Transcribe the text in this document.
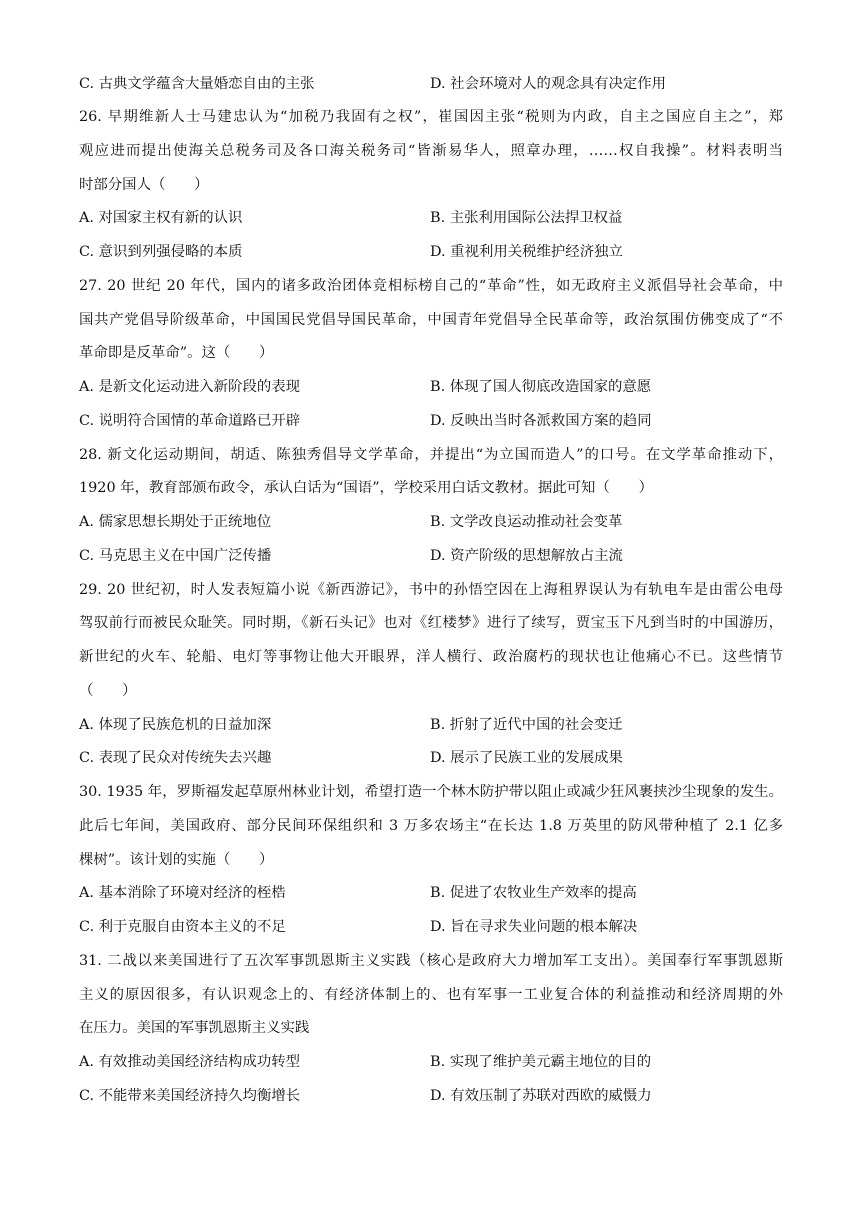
C. 古典文学蕴含大量婚恋自由的主张	D. 社会环境对人的观念具有决定作用
26. 早期维新人士马建忠认为“加税乃我固有之权”，崔国因主张“税则为内政，自主之国应自主之”，郑
观应进而提出使海关总税务司及各口海关税务司“皆渐易华人，照章办理，……权自我操”。材料表明当
时部分国人（　　）
A. 对国家主权有新的认识	B. 主张利用国际公法捍卫权益
C. 意识到列强侵略的本质	D. 重视利用关税维护经济独立
27. 20 世纪 20 年代，国内的诸多政治团体竞相标榜自己的“革命”性，如无政府主义派倡导社会革命，中
国共产党倡导阶级革命，中国国民党倡导国民革命，中国青年党倡导全民革命等，政治氛围仿佛变成了“不
革命即是反革命”。这（　　）
A. 是新文化运动进入新阶段的表现	B. 体现了国人彻底改造国家的意愿
C. 说明符合国情的革命道路已开辟	D. 反映出当时各派救国方案的趋同
28. 新文化运动期间，胡适、陈独秀倡导文学革命，并提出“为立国而造人”的口号。在文学革命推动下，
1920 年，教育部颁布政令，承认白话为“国语”，学校采用白话文教材。据此可知（　　）
A. 儒家思想长期处于正统地位	B. 文学改良运动推动社会变革
C. 马克思主义在中国广泛传播	D. 资产阶级的思想解放占主流
29. 20 世纪初，时人发表短篇小说《新西游记》，书中的孙悟空因在上海租界误认为有轨电车是由雷公电母
驾驭前行而被民众耻笑。同时期，《新石头记》也对《红楼梦》进行了续写，贾宝玉下凡到当时的中国游历，
新世纪的火车、轮船、电灯等事物让他大开眼界，洋人横行、政治腐朽的现状也让他痛心不已。这些情节
（　　）
A. 体现了民族危机的日益加深	B. 折射了近代中国的社会变迁
C. 表现了民众对传统失去兴趣	D. 展示了民族工业的发展成果
30. 1935 年，罗斯福发起草原州林业计划，希望打造一个林木防护带以阻止或减少狂风裹挟沙尘现象的发生。
此后七年间，美国政府、部分民间环保组织和 3 万多农场主“在长达 1.8 万英里的防风带种植了 2.1 亿多
棵树”。该计划的实施（　　）
A. 基本消除了环境对经济的桎梏	B. 促进了农牧业生产效率的提高
C. 利于克服自由资本主义的不足	D. 旨在寻求失业问题的根本解决
31. 二战以来美国进行了五次军事凯恩斯主义实践（核心是政府大力增加军工支出）。美国奉行军事凯恩斯
主义的原因很多，有认识观念上的、有经济体制上的、也有军事一工业复合体的利益推动和经济周期的外
在压力。美国的军事凯恩斯主义实践
A. 有效推动美国经济结构成功转型	B. 实现了维护美元霸主地位的目的
C. 不能带来美国经济持久均衡增长	D. 有效压制了苏联对西欧的威慑力
